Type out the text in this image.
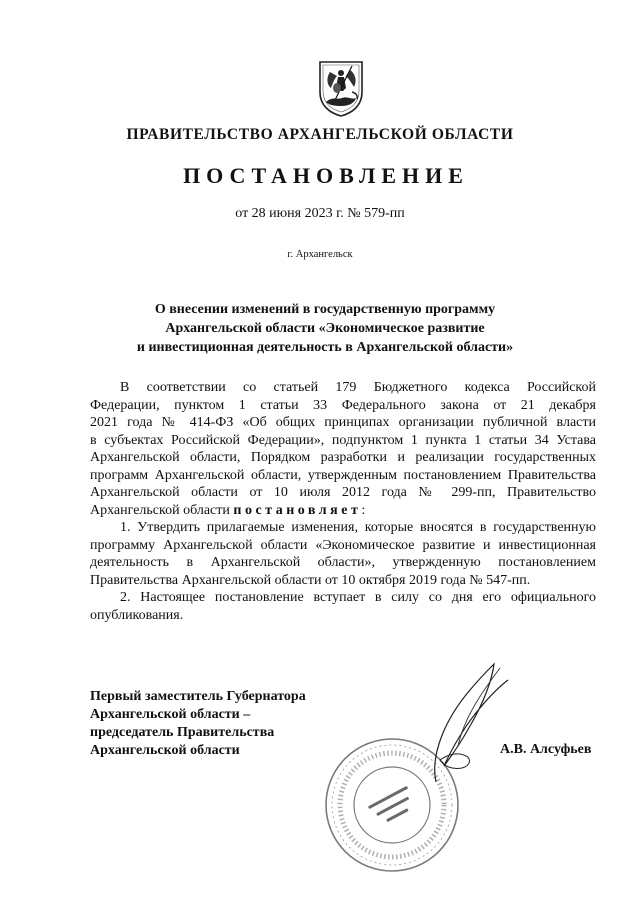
ПРАВИТЕЛЬСТВО АРХАНГЕЛЬСКОЙ ОБЛАСТИ
ПОСТАНОВЛЕНИЕ
от 28 июня 2023 г. № 579-пп
г. Архангельск
О внесении изменений в государственную программу
Архангельской области «Экономическое развитие
и инвестиционная деятельность в Архангельской области»
В соответствии со статьей 179 Бюджетного кодекса Российской
Федерации, пунктом 1 статьи 33 Федерального закона от 21 декабря
2021 года № 414-ФЗ «Об общих принципах организации публичной власти
в субъектах Российской Федерации», подпунктом 1 пункта 1 статьи 34 Устава
Архангельской области, Порядком разработки и реализации государственных
программ Архангельской области, утвержденным постановлением Правительства
Архангельской области от 10 июля 2012 года № 299-пп, Правительство
Архангельской области постановляет:
1. Утвердить прилагаемые изменения, которые вносятся в государственную
программу Архангельской области «Экономическое развитие и инвестиционная
деятельность в Архангельской области», утвержденную постановлением
Правительства Архангельской области от 10 октября 2019 года № 547-пп.
2. Настоящее постановление вступает в силу со дня его официального
опубликования.
Первый заместитель Губернатора
Архангельской области –
председатель Правительства
Архангельской области	А.В. Алсуфьев
